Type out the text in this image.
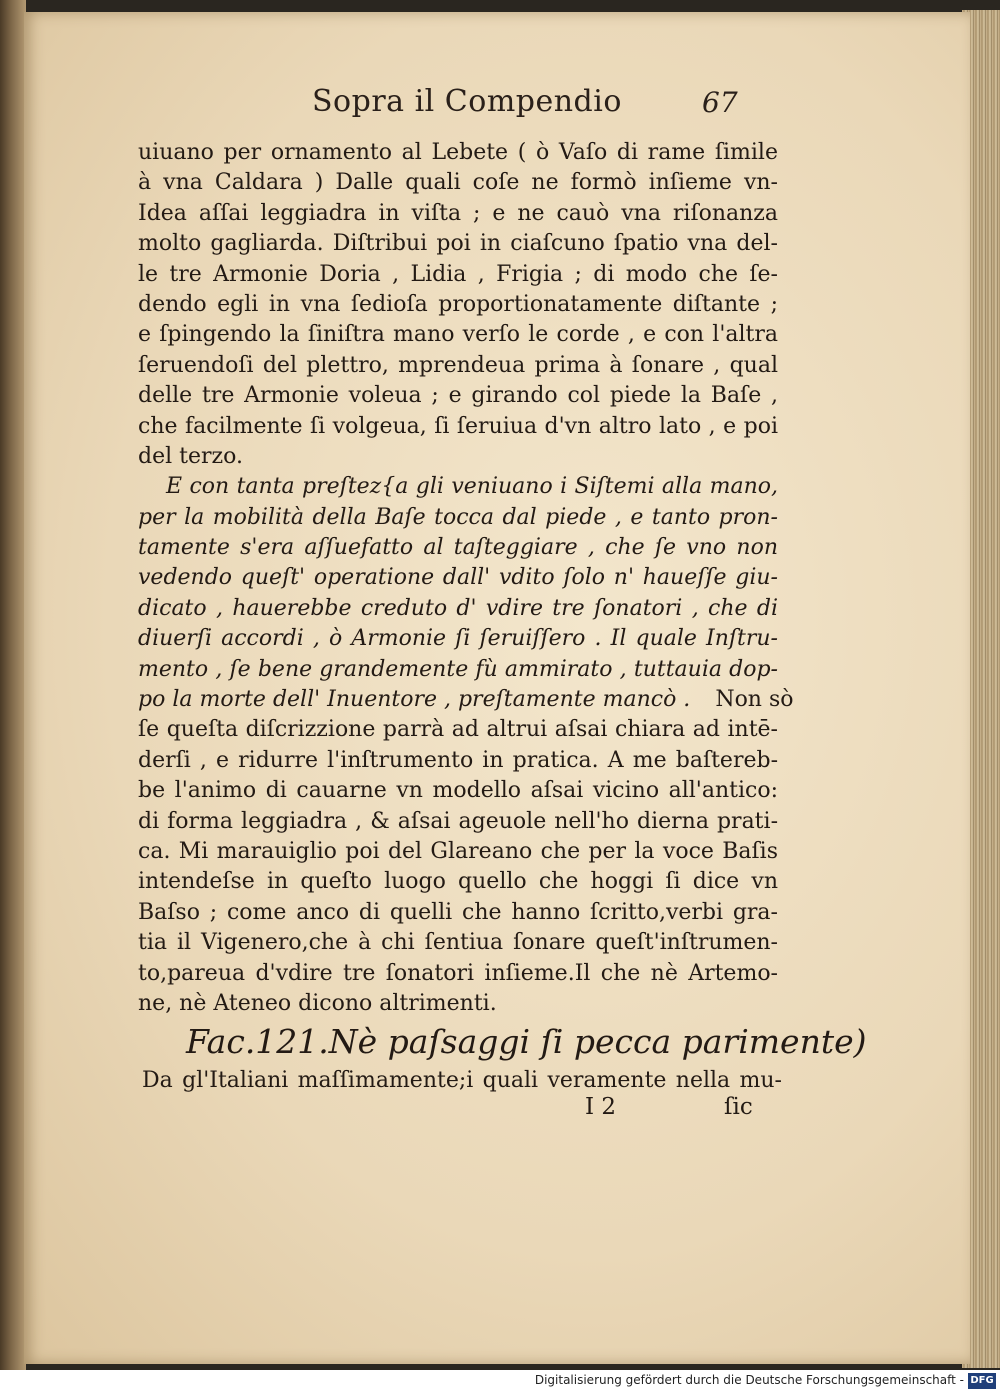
Sopra il Compendio	67
uiuano per ornamento al Lebete ( ò Vaſo di rame ſimile
à vna Caldara ) Dalle quali coſe ne formò inſieme vn-
Idea aſſai leggiadra in viſta ; e ne cauò vna riſonanza
molto gagliarda. Diſtribui poi in ciaſcuno ſpatio vna del-
le tre Armonie Doria , Lidia , Frigia ; di modo che ſe-
dendo egli in vna ſedioſa proportionatamente diſtante ;
e ſpingendo la ſiniſtra mano verſo le corde , e con l'altra
ſeruendoſi del plettro, mprendeua prima à ſonare , qual
delle tre Armonie voleua ; e girando col piede la Baſe ,
che facilmente ſi volgeua, ſi ſeruiua d'vn altro lato , e poi
del terzo.
E con tanta preſtez{a gli veniuano i Siſtemi alla mano,
per la mobilità della Baſe tocca dal piede , e tanto pron-
tamente s'era aſſuefatto al taſteggiare , che ſe vno non
vedendo queſt' operatione dall' vdito ſolo n' haueſſe giu-
dicato , hauerebbe creduto d' vdire tre ſonatori , che di
diuerſi accordi , ò Armonie ſi ſeruiſſero . Il quale Inſtru-
mento , ſe bene grandemente fù ammirato , tuttauia dop-
po la morte dell' Inuentore , preſtamente mancò . Non sò
ſe queſta diſcrizzione parrà ad altrui aſsai chiara ad intē-
derſi , e ridurre l'inſtrumento in pratica. A me baſtereb-
be l'animo di cauarne vn modello aſsai vicino all'antico:
di forma leggiadra , & aſsai ageuole nell'ho dierna prati-
ca. Mi marauiglio poi del Glareano che per la voce Baſis
intendeſse in queſto luogo quello che hoggi ſi dice vn
Baſso ; come anco di quelli che hanno ſcritto,verbi gra-
tia il Vigenero,che à chi ſentiua ſonare queſt'inſtrumen-
to,pareua d'vdire tre ſonatori inſieme.Il che nè Artemo-
ne, nè Ateneo dicono altrimenti.
Fac.121.Nè paſsaggi ſi pecca parimente)
Da gl'Italiani maſſimamente;i quali veramente nella mu-
I 2	ſic
Digitalisierung gefördert durch die Deutsche Forschungsgemeinschaft - DFG
